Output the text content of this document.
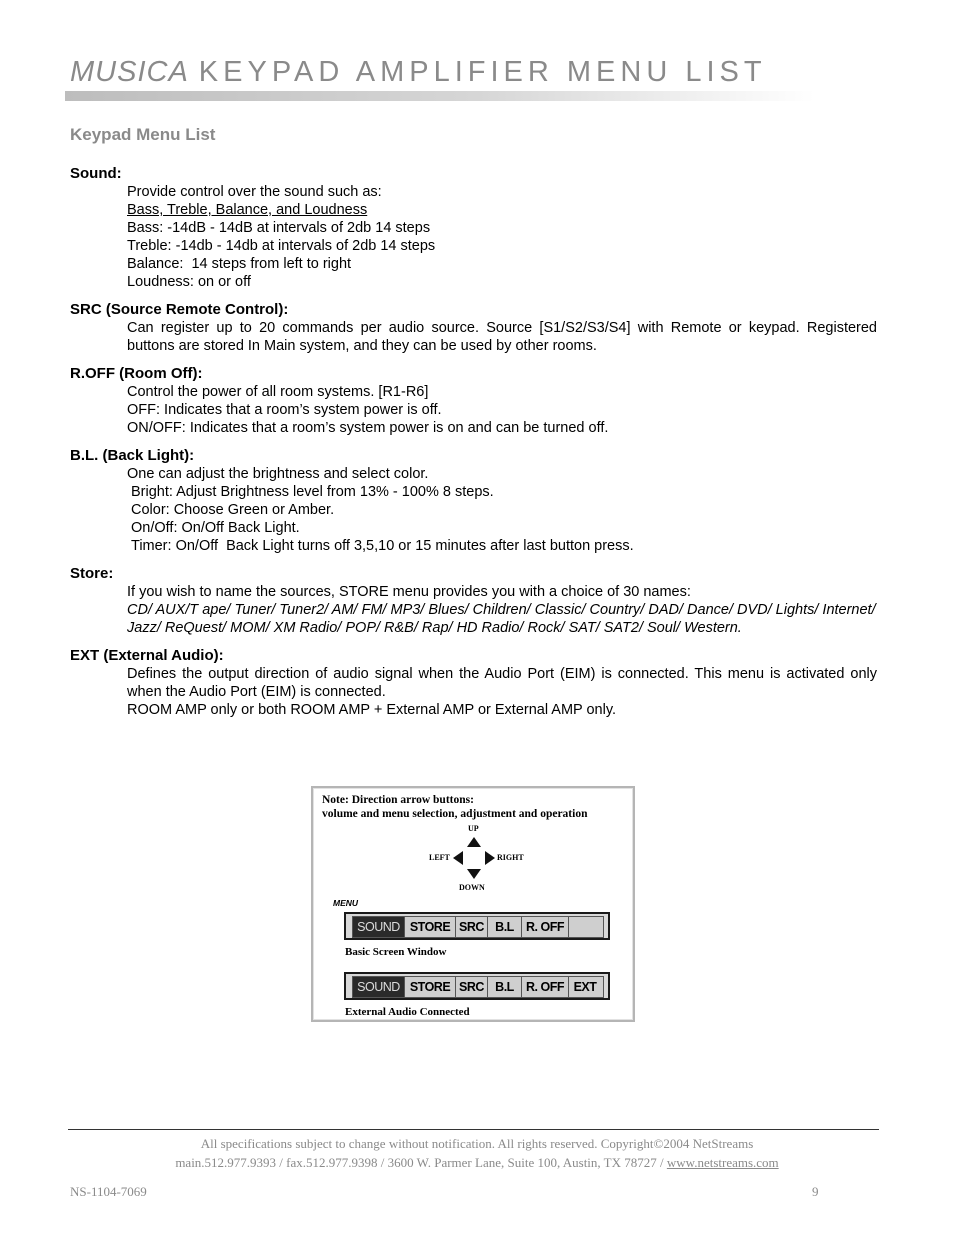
MUSICA KEYPAD AMPLIFIER MENU LIST
Keypad Menu List
Sound:
Provide control over the sound such as:
Bass, Treble, Balance, and Loudness
Bass: -14dB - 14dB at intervals of 2db 14 steps
Treble: -14db - 14db at intervals of 2db 14 steps
Balance:  14 steps from left to right
Loudness: on or off
SRC (Source Remote Control):
Can register up to 20 commands per audio source. Source [S1/S2/S3/S4] with Remote or keypad. Registered buttons are stored In Main system, and they can be used by other rooms.
R.OFF (Room Off):
Control the power of all room systems. [R1-R6]
OFF: Indicates that a room’s system power is off.
ON/OFF: Indicates that a room’s system power is on and can be turned off.
B.L. (Back Light):
One can adjust the brightness and select color.
Bright: Adjust Brightness level from 13% - 100% 8 steps.
Color: Choose Green or Amber.
On/Off: On/Off Back Light.
Timer: On/Off  Back Light turns off 3,5,10 or 15 minutes after last button press.
Store:
If you wish to name the sources, STORE menu provides you with a choice of 30 names:
CD/ AUX/T ape/ Tuner/ Tuner2/ AM/ FM/ MP3/ Blues/ Children/ Classic/ Country/ DAD/ Dance/ DVD/ Lights/ Internet/ Jazz/ ReQuest/ MOM/ XM Radio/ POP/ R&B/ Rap/ HD Radio/ Rock/ SAT/ SAT2/ Soul/ Western.
EXT (External Audio):
Defines the output direction of audio signal when the Audio Port (EIM) is connected. This menu is activated only when the Audio Port (EIM) is connected.
ROOM AMP only or both ROOM AMP + External AMP or External AMP only.
Note: Direction arrow buttons:
volume and menu selection, adjustment and operation
UP
DOWN
LEFT	RIGHT
MENU
SOUND STORE SRC B.L R. OFF
Basic Screen Window
SOUND STORE SRC B.L R. OFF EXT
External Audio Connected
All specifications subject to change without notification. All rights reserved. Copyright©2004 NetStreams
main.512.977.9393 / fax.512.977.9398 / 3600 W. Parmer Lane, Suite 100, Austin, TX 78727 / www.netstreams.com
NS-1104-7069	9
